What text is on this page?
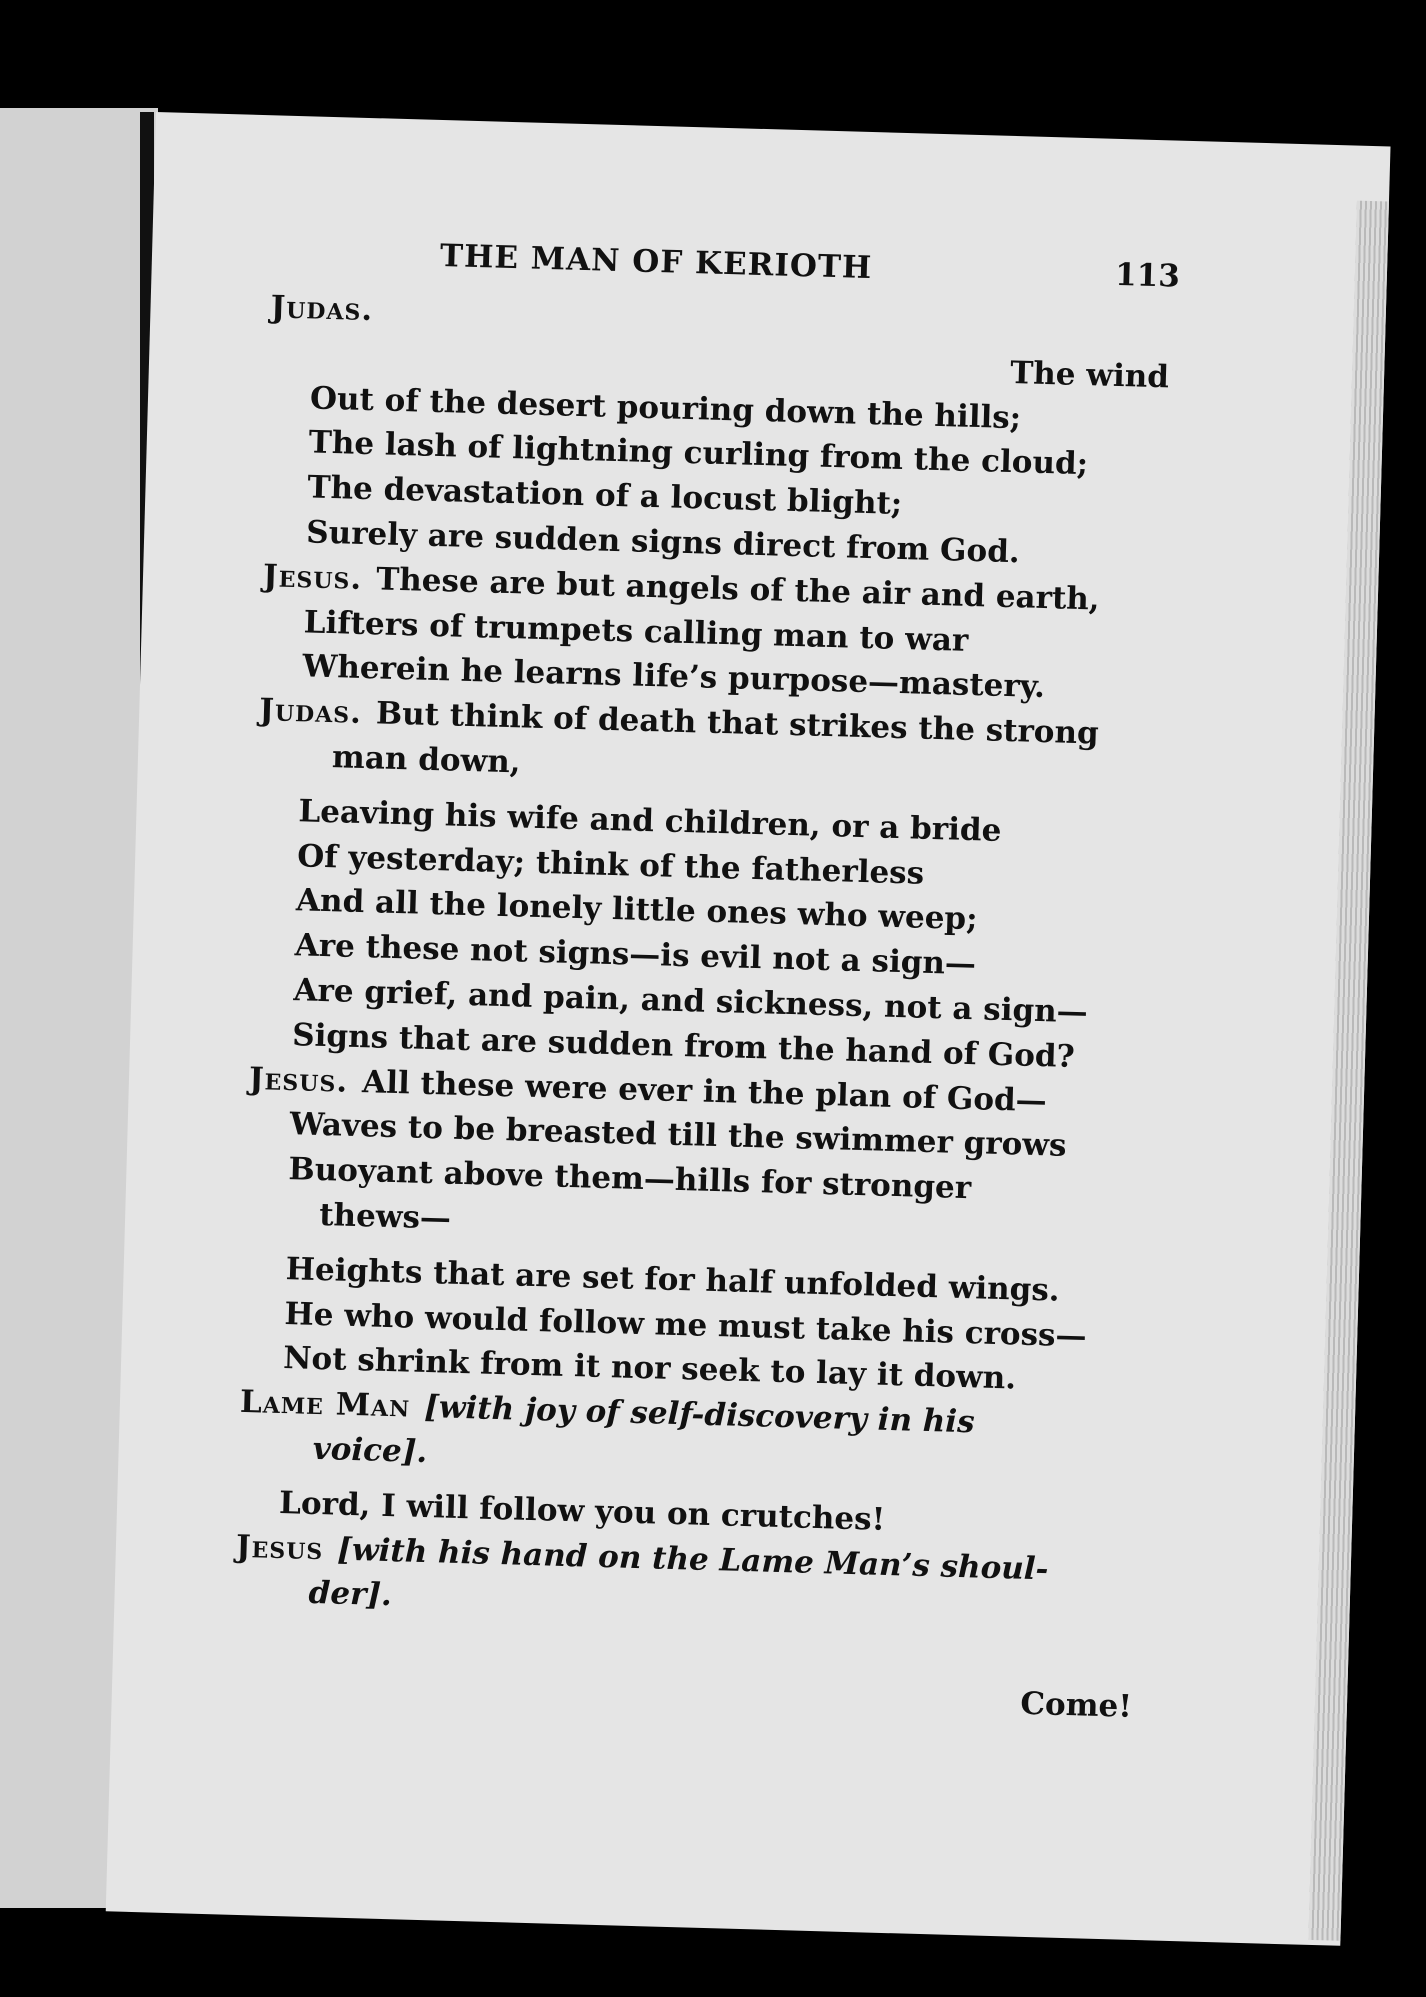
THE MAN OF KERIOTH	113
Judas.
The wind
Out of the desert pouring down the hills;
The lash of lightning curling from the cloud;
The devastation of a locust blight;
Surely are sudden signs direct from God.
Jesus. These are but angels of the air and earth,
Lifters of trumpets calling man to war
Wherein he learns life’s purpose—mastery.
Judas. But think of death that strikes the strong
man down,
Leaving his wife and children, or a bride
Of yesterday; think of the fatherless
And all the lonely little ones who weep;
Are these not signs—is evil not a sign—
Are grief, and pain, and sickness, not a sign—
Signs that are sudden from the hand of God?
Jesus. All these were ever in the plan of God—
Waves to be breasted till the swimmer grows
Buoyant above them—hills for stronger
thews—
Heights that are set for half unfolded wings.
He who would follow me must take his cross—
Not shrink from it nor seek to lay it down.
Lame Man [with joy of self-discovery in his
voice].
Lord, I will follow you on crutches!
Jesus [with his hand on the Lame Man’s shoul-
der].
Come!
